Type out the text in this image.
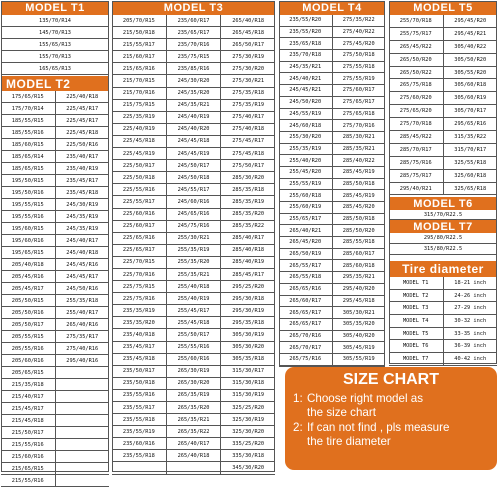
MODEL T1
MODEL T2
MODEL T3	MODEL T4	MODEL T5
MODEL T6
MODEL T7
Tire diameter
135/70/R14
145/70/R13
155/65/R13
155/70/R13
165/65/R13
175/65/R15	225/40/R18
175/70/R14	225/45/R17
185/55/R15	225/45/R17
185/55/R16	225/45/R18
185/60/R15	225/50/R16
185/65/R14	235/40/R17
185/65/R15	235/40/R19
195/50/R15	235/45/R17
195/50/R16	235/45/R18
195/55/R15	245/30/R19
195/55/R16	245/35/R19
195/60/R15	245/35/R19
195/60/R16	245/40/R17
195/65/R15	245/40/R18
205/40/R18	245/45/R16
205/45/R16	245/45/R17
205/45/R17	245/50/R16
205/50/R15	255/35/R18
205/50/R16	255/40/R17
205/50/R17	265/40/R16
205/55/R15	275/35/R17
205/55/R16	275/40/R16
205/60/R16	295/40/R16
205/65/R15
215/35/R18
215/40/R17
215/45/R17
215/45/R18
215/50/R17
215/55/R16
215/60/R16
215/65/R15
215/55/R16
205/70/R15	235/60/R17	265/40/R18
215/50/R18	235/65/R17	265/45/R18
215/55/R17	235/70/R16	265/50/R17
215/60/R17	235/75/R15	275/30/R19
215/65/R16	235/85/R16	275/30/R20
215/70/R15	245/30/R20	275/30/R21
215/70/R16	245/35/R20	275/35/R18
215/75/R15	245/35/R21	275/35/R19
225/35/R19	245/40/R19	275/40/R17
225/40/R19	245/40/R20	275/40/R18
225/45/R18	245/45/R18	275/45/R17
225/45/R19	245/45/R19	275/45/R18
225/50/R17	245/50/R17	275/50/R17
225/50/R18	245/50/R18	285/30/R20
225/55/R16	245/55/R17	285/35/R18
225/55/R17	245/60/R16	285/35/R19
225/60/R16	245/65/R16	285/35/R20
225/60/R17	245/75/R16	285/35/R22
225/65/R16	255/30/R21	285/40/R17
225/65/R17	255/35/R19	285/40/R18
225/70/R15	255/35/R20	285/40/R19
225/70/R16	255/35/R21	285/45/R17
225/75/R15	255/40/R18	295/25/R20
225/75/R16	255/40/R19	295/30/R18
235/35/R19	255/45/R17	295/30/R19
235/35/R20	255/45/R18	295/35/R18
235/40/R18	255/50/R17	305/30/R19
235/45/R17	255/55/R16	305/30/R20
235/45/R18	255/60/R16	305/35/R18
235/50/R17	265/30/R19	315/30/R17
235/50/R18	265/30/R20	315/30/R18
235/55/R16	265/35/R19	315/30/R19
235/55/R17	265/35/R20	325/25/R20
235/55/R18	265/35/R21	325/30/R19
235/55/R19	265/35/R22	325/30/R20
235/60/R16	265/40/R17	335/25/R20
235/55/R18	265/40/R18	335/30/R18
345/30/R20
235/55/R20	275/35/R22
235/55/R20	275/40/R22
235/65/R18	275/45/R20
235/70/R18	275/50/R18
245/35/R21	275/55/R18
245/40/R21	275/55/R19
245/45/R21	275/60/R17
245/50/R20	275/65/R17
245/55/R19	275/65/R18
245/60/R18	275/70/R16
255/30/R20	285/30/R21
255/35/R19	285/35/R21
255/40/R20	285/40/R22
255/45/R20	285/45/R19
255/55/R19	285/50/R18
255/60/R18	285/45/R19
255/60/R19	285/45/R20
255/65/R17	285/50/R18
265/40/R21	285/50/R20
265/45/R20	285/55/R18
265/50/R19	285/60/R17
265/55/R17	285/60/R18
265/55/R18	295/35/R21
265/65/R16	295/40/R20
265/60/R17	295/45/R18
265/65/R17	305/30/R21
265/65/R17	305/35/R20
265/70/R16	305/40/R20
265/70/R17	305/45/R19
265/75/R16	305/55/R19
255/70/R18	295/45/R20
255/75/R17	295/45/R21
265/45/R22	305/40/R22
265/50/R20	305/50/R20
265/50/R22	305/55/R20
265/75/R18	305/60/R18
275/60/R20	305/60/R19
275/65/R20	305/70/R17
275/70/R18	295/65/R16
285/45/R22	315/35/R22
285/70/R17	315/70/R17
285/75/R16	325/55/R18
285/75/R17	325/60/R18
295/40/R21	325/65/R18
315/70/R22.5
295/80/R22.5
315/80/R22.5
MODEL T1	18-21 inch
MODEL T2	24-26 inch
MODEL T3	27-29 inch
MODEL T4	30-32 inch
MODEL T5	33-35 inch
MODEL T6	36-39 inch
MODEL T7	40-42 inch
SIZE CHART
1: Choose right model as
the size chart
2: If can not find , pls measure
the tire diameter
